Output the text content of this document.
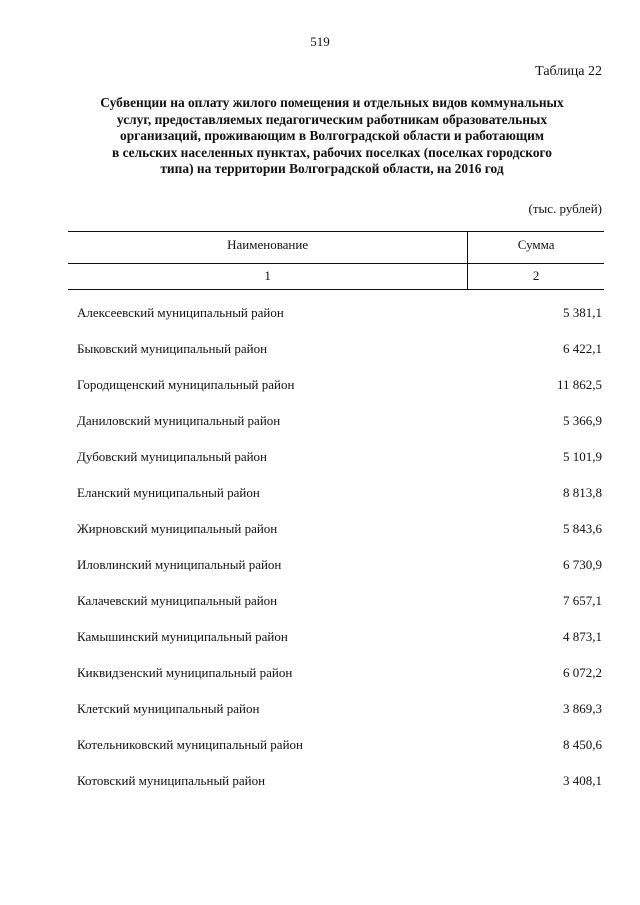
519
Таблица 22
Субвенции на оплату жилого помещения и отдельных видов коммунальных
услуг, предоставляемых педагогическим работникам образовательных
организаций, проживающим в Волгоградской области и работающим
в сельских населенных пунктах, рабочих поселках (поселках городского
типа) на территории Волгоградской области, на 2016 год
(тыс. рублей)
Наименование	Сумма
1	2
Алексеевский муниципальный район	5 381,1
Быковский муниципальный район	6 422,1
Городищенский муниципальный район	11 862,5
Даниловский муниципальный район	5 366,9
Дубовский муниципальный район	5 101,9
Еланский муниципальный район	8 813,8
Жирновский муниципальный район	5 843,6
Иловлинский муниципальный район	6 730,9
Калачевский муниципальный район	7 657,1
Камышинский муниципальный район	4 873,1
Киквидзенский муниципальный район	6 072,2
Клетский муниципальный район	3 869,3
Котельниковский муниципальный район	8 450,6
Котовский муниципальный район	3 408,1
